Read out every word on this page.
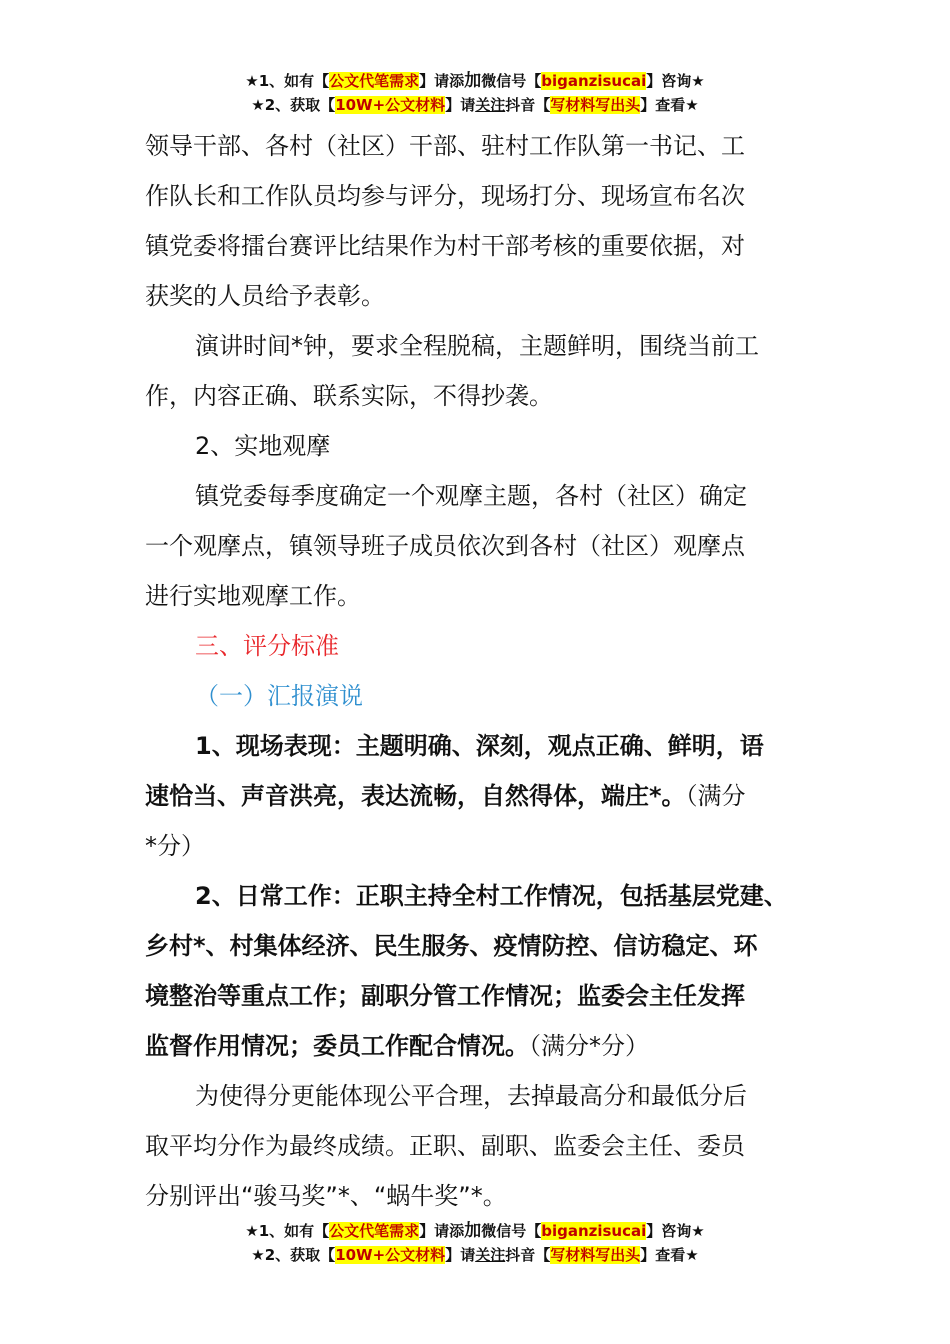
★1、如有【公文代笔需求】请添加微信号【biganzisucai】咨询★
★2、获取【10W+公文材料】请关注抖音【写材料写出头】查看★

领导干部、各村（社区）干部、驻村工作队第一书记、工

作队长和工作队员均参与评分，现场打分、现场宣布名次

镇党委将擂台赛评比结果作为村干部考核的重要依据，对

获奖的人员给予表彰。

演讲时间*钟，要求全程脱稿，主题鲜明，围绕当前工

作，内容正确、联系实际，不得抄袭。

2、实地观摩

镇党委每季度确定一个观摩主题，各村（社区）确定

一个观摩点，镇领导班子成员依次到各村（社区）观摩点

进行实地观摩工作。

三、评分标准

（一）汇报演说

1、现场表现：主题明确、深刻，观点正确、鲜明，语

速恰当、声音洪亮，表达流畅，自然得体，端庄*。（满分

*分）

2、日常工作：正职主持全村工作情况，包括基层党建、

乡村*、村集体经济、民生服务、疫情防控、信访稳定、环

境整治等重点工作；副职分管工作情况；监委会主任发挥

监督作用情况；委员工作配合情况。（满分*分）

为使得分更能体现公平合理，去掉最高分和最低分后

取平均分作为最终成绩。正职、副职、监委会主任、委员

分别评出“骏马奖”*、“蜗牛奖”*。

★1、如有【公文代笔需求】请添加微信号【biganzisucai】咨询★
★2、获取【10W+公文材料】请关注抖音【写材料写出头】查看★
